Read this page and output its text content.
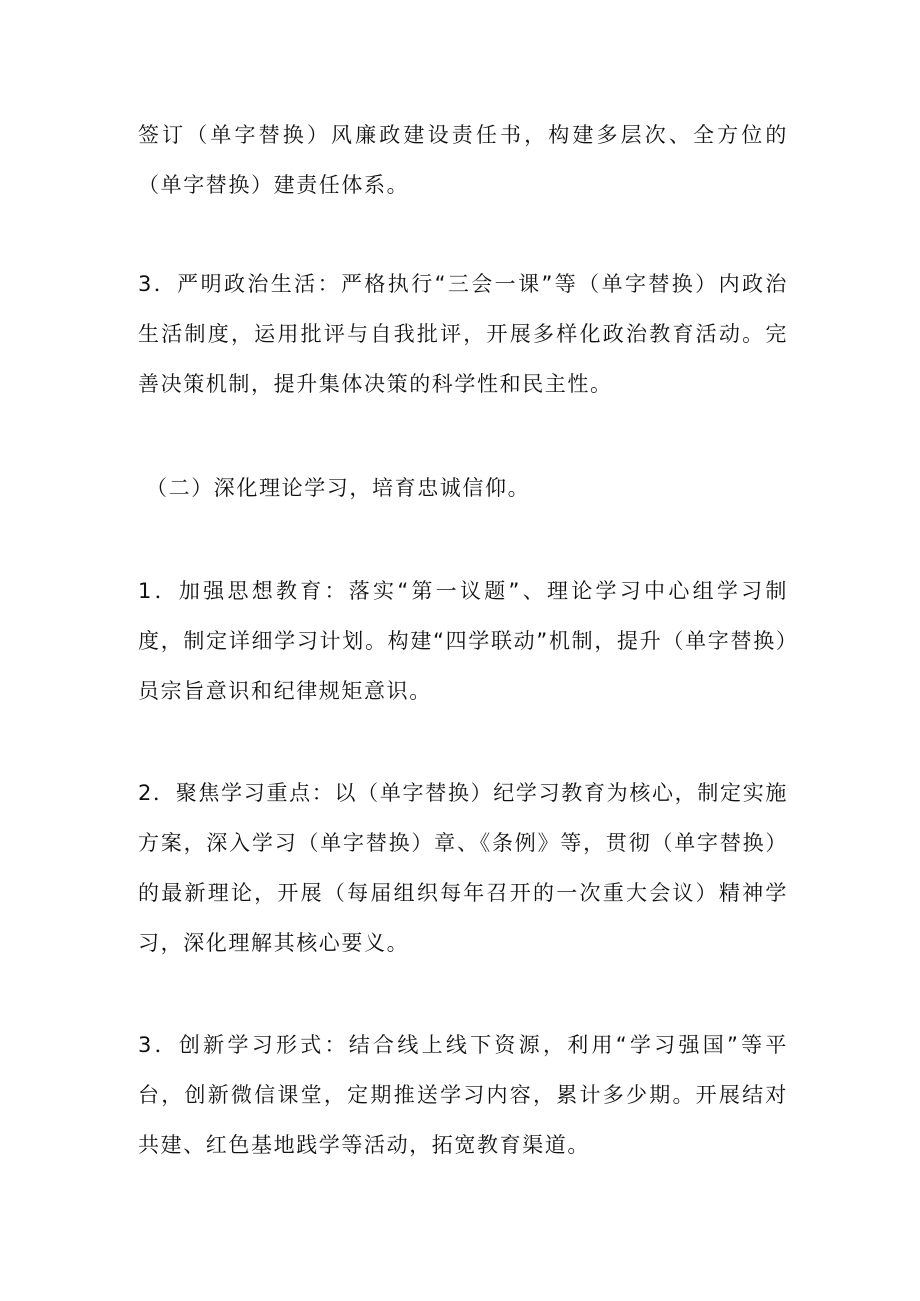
签订（单字替换）风廉政建设责任书，构建多层次、全方位的（单字替换）建责任体系。

3．严明政治生活：严格执行“三会一课”等（单字替换）内政治生活制度，运用批评与自我批评，开展多样化政治教育活动。完善决策机制，提升集体决策的科学性和民主性。

（二）深化理论学习，培育忠诚信仰。

1．加强思想教育：落实“第一议题”、理论学习中心组学习制度，制定详细学习计划。构建“四学联动”机制，提升（单字替换）员宗旨意识和纪律规矩意识。

2．聚焦学习重点：以（单字替换）纪学习教育为核心，制定实施方案，深入学习（单字替换）章、《条例》等，贯彻（单字替换）的最新理论，开展（每届组织每年召开的一次重大会议）精神学习，深化理解其核心要义。

3．创新学习形式：结合线上线下资源，利用“学习强国”等平台，创新微信课堂，定期推送学习内容，累计多少期。开展结对共建、红色基地践学等活动，拓宽教育渠道。
